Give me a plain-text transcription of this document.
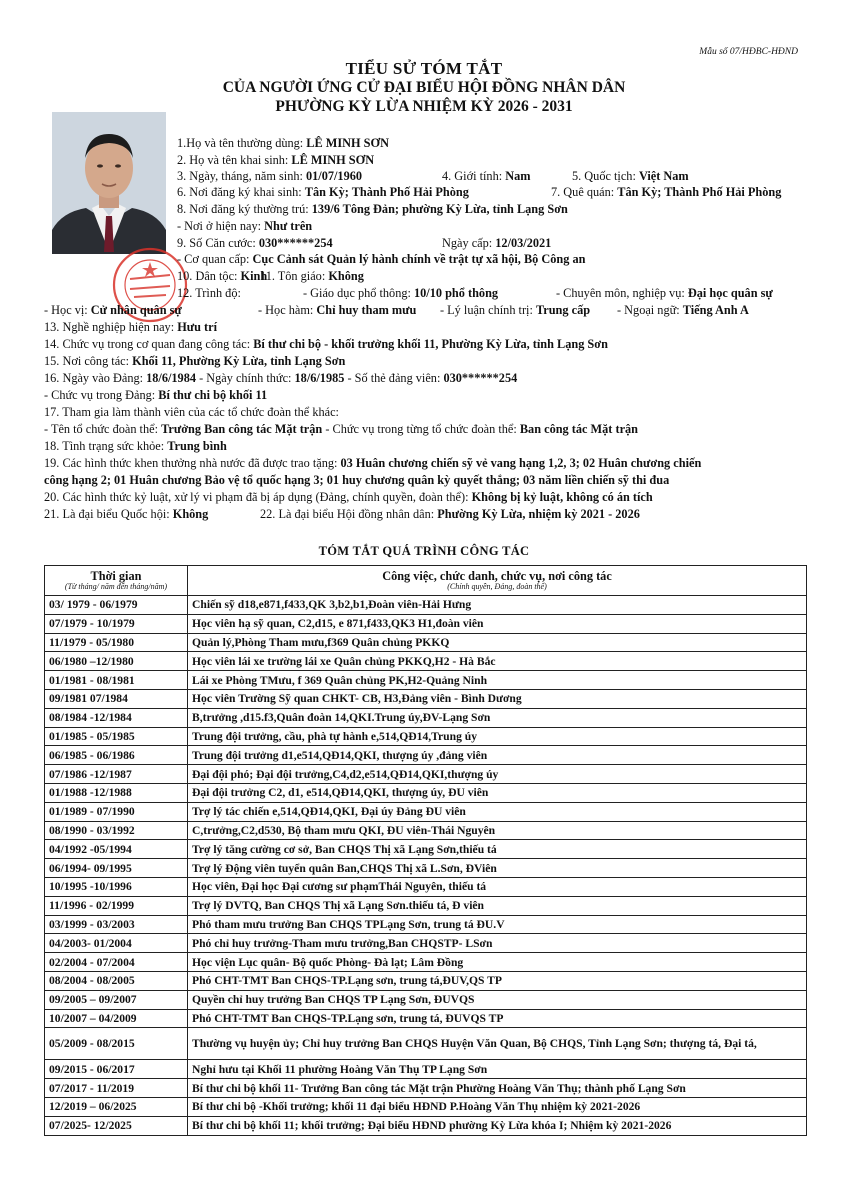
Mẫu số 07/HĐBC-HĐND
TIỂU SỬ TÓM TẮT
CỦA NGƯỜI ỨNG CỬ ĐẠI BIỂU HỘI ĐỒNG NHÂN DÂN
PHƯỜNG KỲ LỪA NHIỆM KỲ 2026 - 2031
1.Họ và tên thường dùng: LÊ MINH SƠN
2. Họ và tên khai sinh: LÊ MINH SƠN
3. Ngày, tháng, năm sinh: 01/07/1960	4. Giới tính: Nam	5. Quốc tịch: Việt Nam
6. Nơi đăng ký khai sinh: Tân Kỳ; Thành Phố Hải Phòng	7. Quê quán: Tân Kỳ; Thành Phố Hải Phòng
8. Nơi đăng ký thường trú: 139/6 Tông Đản; phường Kỳ Lừa, tỉnh Lạng Sơn
- Nơi ở hiện nay: Như trên
9. Số Căn cước: 030******254	Ngày cấp: 12/03/2021
- Cơ quan cấp: Cục Cảnh sát Quản lý hành chính về trật tự xã hội, Bộ Công an
10. Dân tộc: Kinh
11. Tôn giáo: Không
12. Trình độ:	- Giáo dục phổ thông: 10/10 phổ thông	- Chuyên môn, nghiệp vụ: Đại học quân sự
- Học vị: Cử nhân quân sự	- Học hàm: Chỉ huy tham mưu - Lý luận chính trị: Trung cấp - Ngoại ngữ: Tiếng Anh A
13. Nghề nghiệp hiện nay: Hưu trí
14. Chức vụ trong cơ quan đang công tác: Bí thư chi bộ - khối trưởng khối 11, Phường Kỳ Lừa, tỉnh Lạng Sơn
15. Nơi công tác: Khối 11, Phường Kỳ Lừa, tỉnh Lạng Sơn
16. Ngày vào Đảng: 18/6/1984 - Ngày chính thức: 18/6/1985 - Số thẻ đảng viên: 030******254
- Chức vụ trong Đảng: Bí thư chi bộ khối 11
17. Tham gia làm thành viên của các tổ chức đoàn thể khác:
- Tên tổ chức đoàn thể: Trưởng Ban công tác Mặt trận - Chức vụ trong từng tổ chức đoàn thể: Ban công tác Mặt trận
18. Tình trạng sức khỏe: Trung bình
19. Các hình thức khen thưởng nhà nước đã được trao tặng: 03 Huân chương chiến sỹ vẻ vang hạng 1,2, 3; 02 Huân chương chiến
công hạng 2; 01 Huân chương Bảo vệ tổ quốc hạng 3; 01 huy chương quân kỳ quyết thắng; 03 năm liền chiến sỹ thi đua
20. Các hình thức kỷ luật, xử lý vi phạm đã bị áp dụng (Đảng, chính quyền, đoàn thể): Không bị kỷ luật, không có án tích
21. Là đại biểu Quốc hội: Không	22. Là đại biểu Hội đồng nhân dân: Phường Kỳ Lừa, nhiệm kỳ 2021 - 2026
TÓM TẮT QUÁ TRÌNH CÔNG TÁC
Thời gian
(Từ tháng/ năm đến tháng/năm)	Công việc, chức danh, chức vụ, nơi công tác
(Chính quyền, Đảng, đoàn thể)

03/ 1979 - 06/1979	Chiến sỹ d18,e871,f433,QK 3,b2,b1,Đoàn viên-Hải Hưng
07/1979 - 10/1979	Học viên hạ sỹ quan, C2,d15, e 871,f433,QK3 H1,đoàn viên
11/1979 - 05/1980	Quản lý,Phòng Tham mưu,f369 Quân chủng PKKQ
06/1980 –12/1980	Học viên lái xe trường lái xe Quân chủng PKKQ,H2 - Hà Bắc
01/1981 - 08/1981	Lái xe Phòng TMưu, f 369 Quân chủng PK,H2-Quảng Ninh
09/1981 07/1984	Học viên Trường Sỹ quan CHKT- CB, H3,Đảng viên - Bình Dương
08/1984 -12/1984	B,trưởng ,d15.f3,Quân đoàn 14,QKI.Trung úy,ĐV-Lạng Sơn
01/1985 - 05/1985	Trung đội trưởng, cầu, phà tự hành e,514,QĐ14,Trung úy
06/1985 - 06/1986	Trung đội trưởng d1,e514,QĐ14,QKI, thượng úy ,đảng viên
07/1986 -12/1987	Đại đội phó; Đại đội trưởng,C4,d2,e514,QĐ14,QKI,thượng úy
01/1988 -12/1988	Đại đội trưởng C2, d1, e514,QĐ14,QKI, thượng úy, ĐU viên
01/1989 - 07/1990	Trợ lý tác chiến e,514,QĐ14,QKI, Đại úy Đảng ĐU viên
08/1990 - 03/1992	C,trưởng,C2,d530, Bộ tham mưu QKI, ĐU viên-Thái Nguyên
04/1992 -05/1994	Trợ lý tăng cường cơ sở, Ban CHQS Thị xã Lạng Sơn,thiếu tá
06/1994- 09/1995	Trợ lý Động viên tuyển quân Ban,CHQS Thị xã L.Sơn, ĐViên
10/1995 -10/1996	Học viên, Đại học Đại cương sư phạmThái Nguyên, thiếu tá
11/1996 - 02/1999	Trợ lý DVTQ, Ban CHQS Thị xã Lạng Sơn.thiếu tá, Đ viên
03/1999 - 03/2003	Phó tham mưu trưởng Ban CHQS TPLạng Sơn, trung tá ĐU.V
04/2003- 01/2004	Phó chỉ huy trưởng-Tham mưu trưởng,Ban CHQSTP- LSơn
02/2004 - 07/2004	Học viện Lục quân- Bộ quốc Phòng- Đà lạt; Lâm Đồng
08/2004 - 08/2005	Phó CHT-TMT Ban CHQS-TP.Lạng sơn, trung tá,ĐUV,QS TP
09/2005 – 09/2007	Quyền chỉ huy trưởng Ban CHQS TP Lạng Sơn, ĐUVQS
10/2007 – 04/2009	Phó CHT-TMT Ban CHQS-TP.Lạng sơn, trung tá, ĐUVQS TP
05/2009 - 08/2015	Thường vụ huyện ủy; Chỉ huy trưởng Ban CHQS Huyện Văn Quan, Bộ CHQS, Tỉnh Lạng Sơn; thượng tá, Đại tá,
09/2015 - 06/2017	Nghỉ hưu tại Khối 11 phường Hoàng Văn Thụ TP Lạng Sơn
07/2017 - 11/2019	Bí thư chi bộ khối 11- Trưởng Ban công tác Mặt trận Phường Hoàng Văn Thụ; thành phố Lạng Sơn
12/2019 – 06/2025	Bí thư chi bộ -Khối trưởng; khối 11 đại biểu HĐND P.Hoàng Văn Thụ nhiệm kỳ 2021-2026
07/2025- 12/2025	Bí thư chi bộ khối 11; khối trưởng; Đại biểu HĐND phường Kỳ Lừa khóa I; Nhiệm kỳ 2021-2026
